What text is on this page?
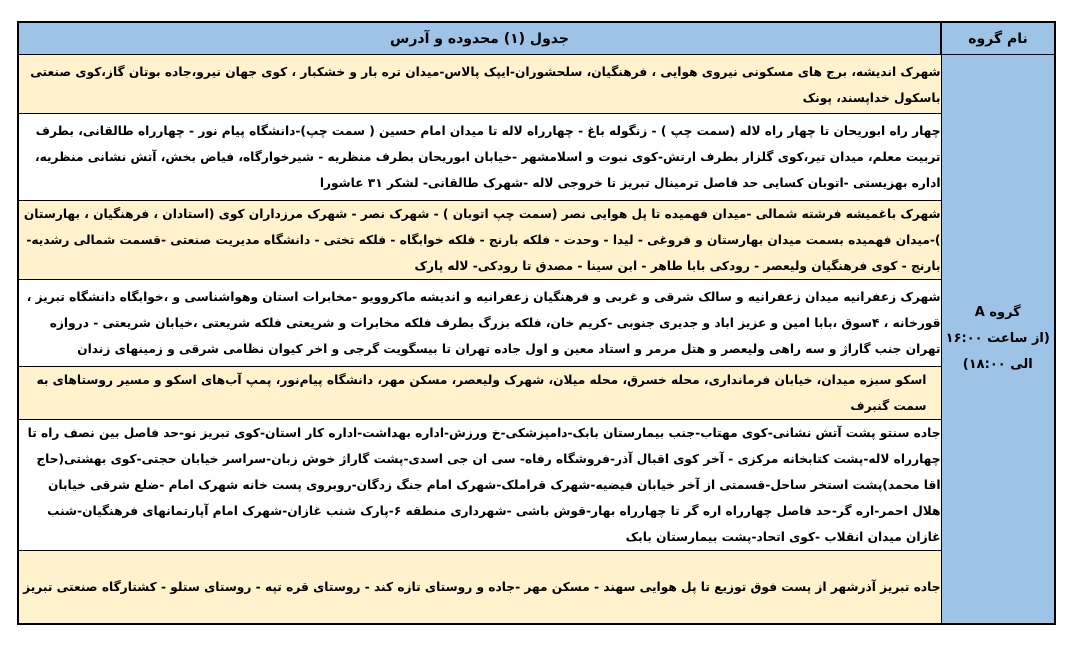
نام گروه	جدول (۱) محدوده و آدرس

گروه A
(از ساعت ۱۶:۰۰
الی ۱۸:۰۰)	شهرک اندیشه، برج های مسکونی نیروی هوایی ، فرهنگیان، سلحشوران-ایپک پالاس-میدان تره بار و خشکبار ، کوی جهان نیرو،جاده بوتان گاز،کوی صنعتی باسکول خداپسند، پونک
	چهار راه ابوریحان تا چهار راه لاله (سمت چپ ) - زنگوله باغ - چهارراه لاله تا میدان امام حسین ( سمت چپ)-دانشگاه پیام نور - چهارراه طالقانی، بطرف تربیت معلم، میدان تیر،کوی گلزار بطرف ارتش-کوی نبوت و اسلامشهر -خیابان ابوریحان بطرف منظریه - شیرخوارگاه، فیاض بخش، آتش نشانی منظریه، اداره بهزیستی -اتوبان کسایی حد فاصل ترمینال تبریز تا خروجی لاله -شهرک طالقانی- لشکر ۳۱ عاشورا
	شهرک باغمیشه فرشته شمالی -میدان فهمیده تا پل هوایی نصر (سمت چپ اتوبان ) - شهرک نصر - شهرک مرزداران کوی (استادان ، فرهنگیان ، بهارستان )-میدان فهمیده بسمت میدان بهارستان و فروغی - لیدا - وحدت - فلکه بارنج - فلکه خوابگاه - فلکه تختی - دانشگاه مدیریت صنعتی -قسمت شمالی رشدیه-بارنج - کوی فرهنگیان ولیعصر - رودکی بابا طاهر - ابن سینا - مصدق تا رودکی- لاله پارک
	شهرک زعفرانیه میدان زعفرانیه و سالک شرقی و غربی و فرهنگیان زعفرانیه و اندیشه ماکروویو -مخابرات استان وهواشناسی و ،خوابگاه دانشگاه تبریز ، قورخانه ، ۴سوق ،بابا امین و عزیز اباد و جدیری جنوبی -کریم خان، فلکه بزرگ بطرف فلکه مخابرات و شریعتی فلکه شریعتی ،خیابان شریعتی - دروازه تهران جنب گاراژ و سه راهی ولیعصر و هتل مرمر و استاد معین و اول جاده تهران تا بیسگویت گرجی و اخر کیوان نظامی شرقی و زمینهای زندان
	اسکو سبزه میدان، خیابان فرمانداری، محله خسرق، محله میلان، شهرک ولیعصر، مسکن مهر، دانشگاه پیام‌نور، پمپ آب‌های اسکو و مسیر روستاهای به سمت گنبرف
	جاده سنتو پشت آتش نشانی-کوی مهتاب-جنب بیمارستان بابک-دامپزشکی-خ ورزش-اداره بهداشت-اداره کار استان-کوی تبریز نو-حد فاصل بین نصف راه تا چهارراه لاله-پشت کتابخانه مرکزی - آخر کوی اقبال آذر-فروشگاه رفاه- سی ان جی اسدی-پشت گاراژ خوش زبان-سراسر خیابان حجتی-کوی بهشتی(حاج اقا محمد)پشت استخر ساحل-قسمتی از آخر خیابان فیضیه-شهرک قراملک-شهرک امام جنگ زدگان-روبروی پست خانه شهرک امام -ضلع شرقی خیابان هلال احمر-اره گر-حد فاصل چهارراه اره گر تا چهارراه بهار-قوش باشی -شهرداری منطقه ۶-پارک شنب غازان-شهرک امام آپارتمانهای فرهنگیان-شنب غازان میدان انقلاب -کوی اتحاد-پشت بیمارستان بابک
	جاده تبریز آذرشهر از پست فوق توزیع تا پل هوایی سهند - مسکن مهر -جاده و روستای تازه کند - روستای قره تپه - روستای ستلو - کشتارگاه صنعتی تبریز
